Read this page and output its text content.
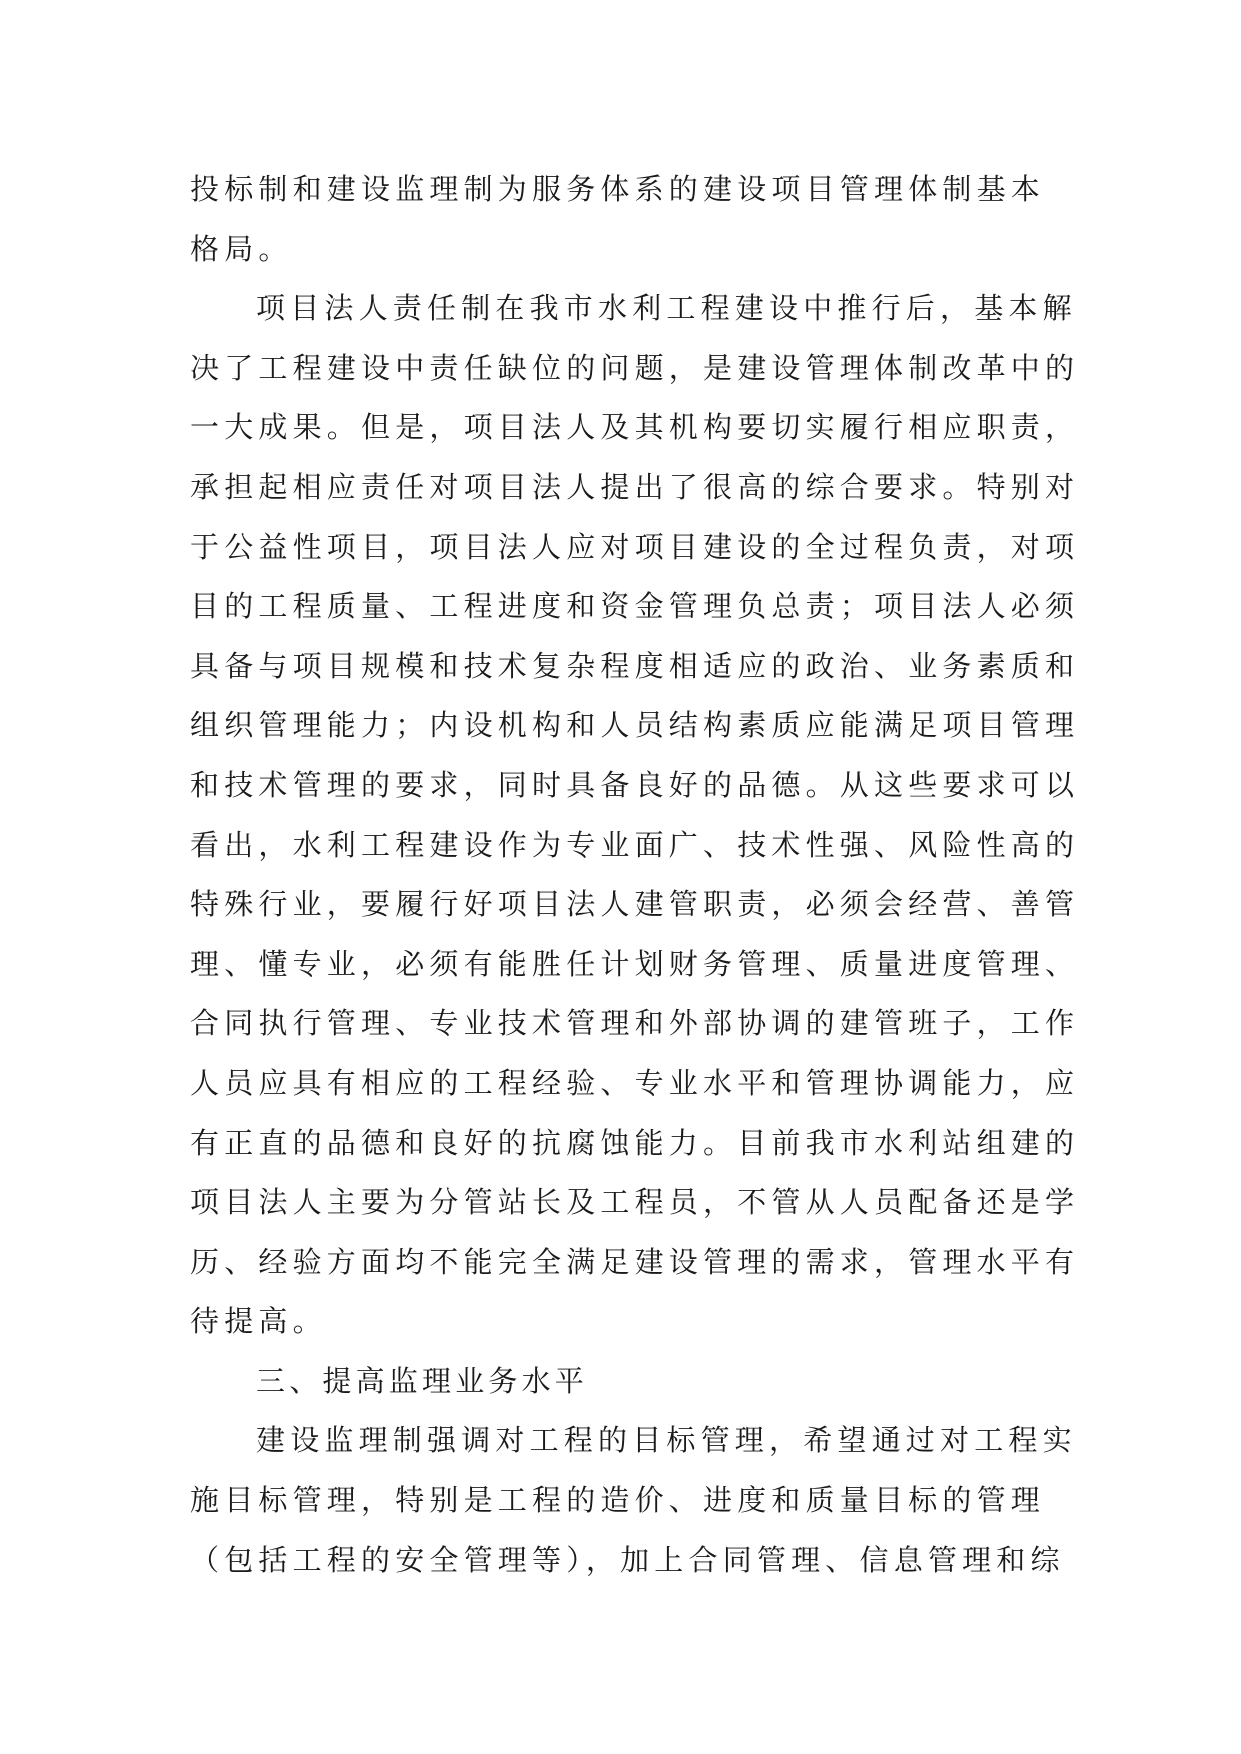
投标制和建设监理制为服务体系的建设项目管理体制基本
格局。
项目法人责任制在我市水利工程建设中推行后，基本解
决了工程建设中责任缺位的问题，是建设管理体制改革中的
一大成果。但是，项目法人及其机构要切实履行相应职责，
承担起相应责任对项目法人提出了很高的综合要求。特别对
于公益性项目，项目法人应对项目建设的全过程负责，对项
目的工程质量、工程进度和资金管理负总责；项目法人必须
具备与项目规模和技术复杂程度相适应的政治、业务素质和
组织管理能力；内设机构和人员结构素质应能满足项目管理
和技术管理的要求，同时具备良好的品德。从这些要求可以
看出，水利工程建设作为专业面广、技术性强、风险性高的
特殊行业，要履行好项目法人建管职责，必须会经营、善管
理、懂专业，必须有能胜任计划财务管理、质量进度管理、
合同执行管理、专业技术管理和外部协调的建管班子，工作
人员应具有相应的工程经验、专业水平和管理协调能力，应
有正直的品德和良好的抗腐蚀能力。目前我市水利站组建的
项目法人主要为分管站长及工程员，不管从人员配备还是学
历、经验方面均不能完全满足建设管理的需求，管理水平有
待提高。
三、提高监理业务水平
建设监理制强调对工程的目标管理，希望通过对工程实
施目标管理，特别是工程的造价、进度和质量目标的管理
（包括工程的安全管理等），加上合同管理、信息管理和综
